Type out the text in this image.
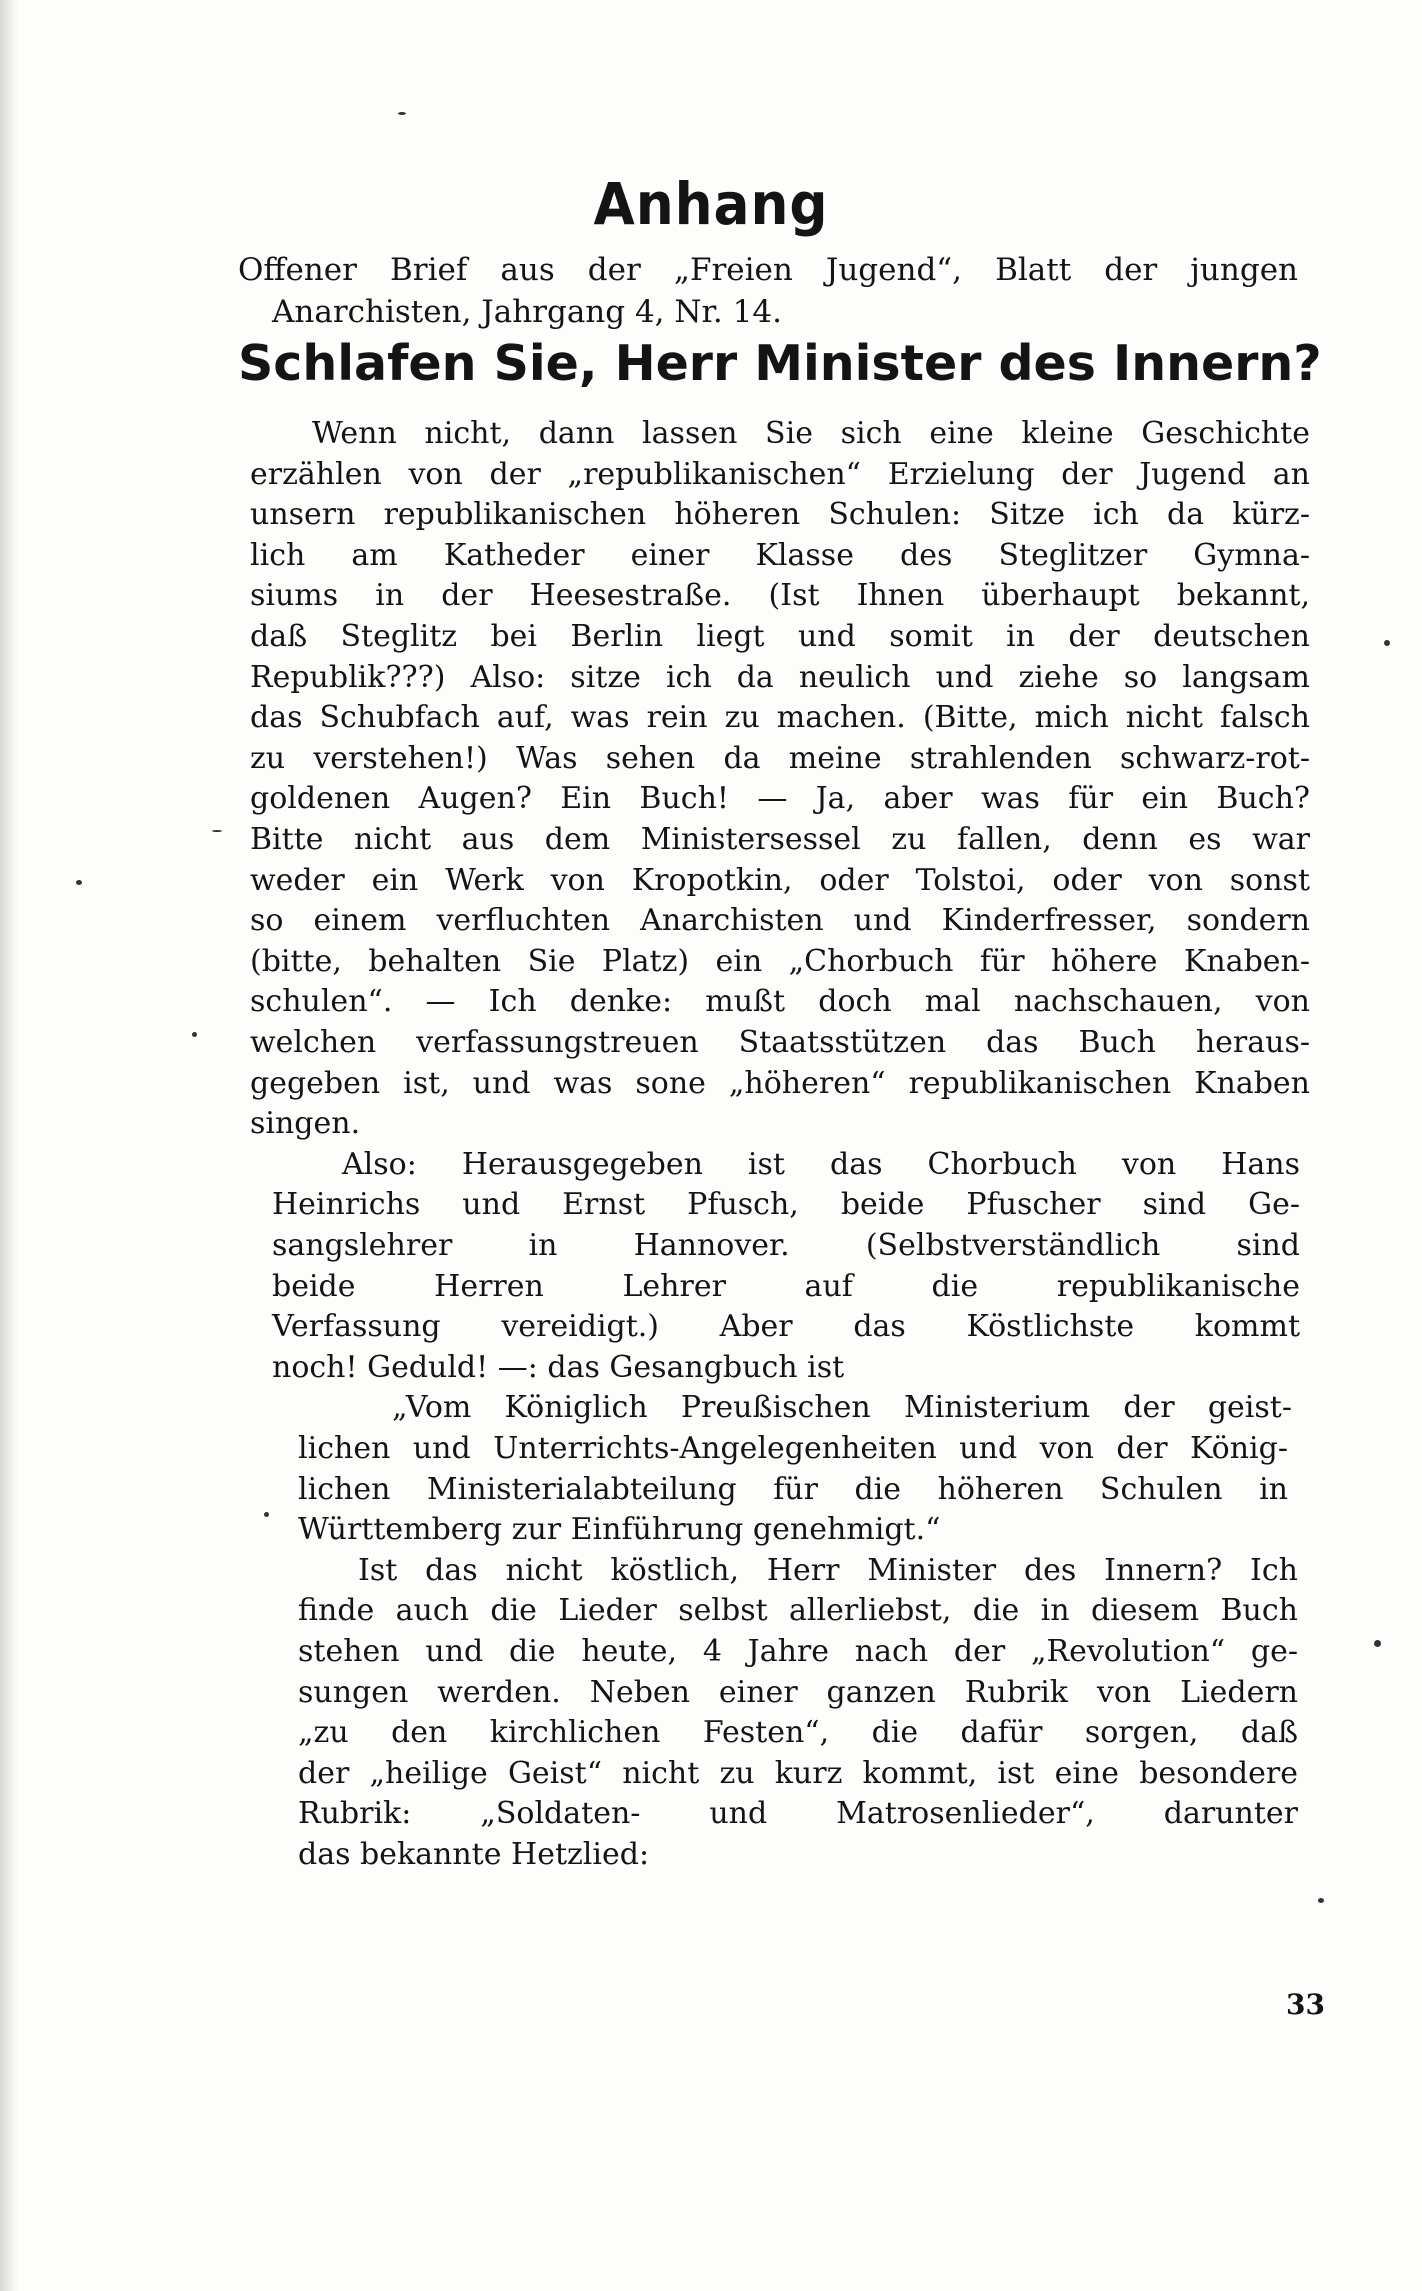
Anhang
Offener Brief aus der „Freien Jugend“, Blatt der jungen
Anarchisten, Jahrgang 4, Nr. 14.
Schlafen Sie, Herr Minister des Innern?
Wenn nicht, dann lassen Sie sich eine kleine Geschichte
erzählen von der „republikanischen“ Erzielung der Jugend an
unsern republikanischen höheren Schulen: Sitze ich da kürz-
lich am Katheder einer Klasse des Steglitzer Gymna-
siums in der Heesestraße. (Ist Ihnen überhaupt bekannt,
daß Steglitz bei Berlin liegt und somit in der deutschen
Republik???) Also: sitze ich da neulich und ziehe so langsam
das Schubfach auf, was rein zu machen. (Bitte, mich nicht falsch
zu verstehen!) Was sehen da meine strahlenden schwarz-rot-
goldenen Augen? Ein Buch! — Ja, aber was für ein Buch?
Bitte nicht aus dem Ministersessel zu fallen, denn es war
weder ein Werk von Kropotkin, oder Tolstoi, oder von sonst
so einem verfluchten Anarchisten und Kinderfresser, sondern
(bitte, behalten Sie Platz) ein „Chorbuch für höhere Knaben-
schulen“. — Ich denke: mußt doch mal nachschauen, von
welchen verfassungstreuen Staatsstützen das Buch heraus-
gegeben ist, und was sone „höheren“ republikanischen Knaben
singen.
Also: Herausgegeben ist das Chorbuch von Hans
Heinrichs und Ernst Pfusch, beide Pfuscher sind Ge-
sangslehrer in Hannover. (Selbstverständlich sind
beide Herren Lehrer auf die republikanische
Verfassung vereidigt.) Aber das Köstlichste kommt
noch! Geduld! —: das Gesangbuch ist
„Vom Königlich Preußischen Ministerium der geist-
lichen und Unterrichts-Angelegenheiten und von der König-
lichen Ministerialabteilung für die höheren Schulen in
Württemberg zur Einführung genehmigt.“
Ist das nicht köstlich, Herr Minister des Innern? Ich
finde auch die Lieder selbst allerliebst, die in diesem Buch
stehen und die heute, 4 Jahre nach der „Revolution“ ge-
sungen werden. Neben einer ganzen Rubrik von Liedern
„zu den kirchlichen Festen“, die dafür sorgen, daß
der „heilige Geist“ nicht zu kurz kommt, ist eine besondere
Rubrik: „Soldaten- und Matrosenlieder“, darunter
das bekannte Hetzlied:
33
